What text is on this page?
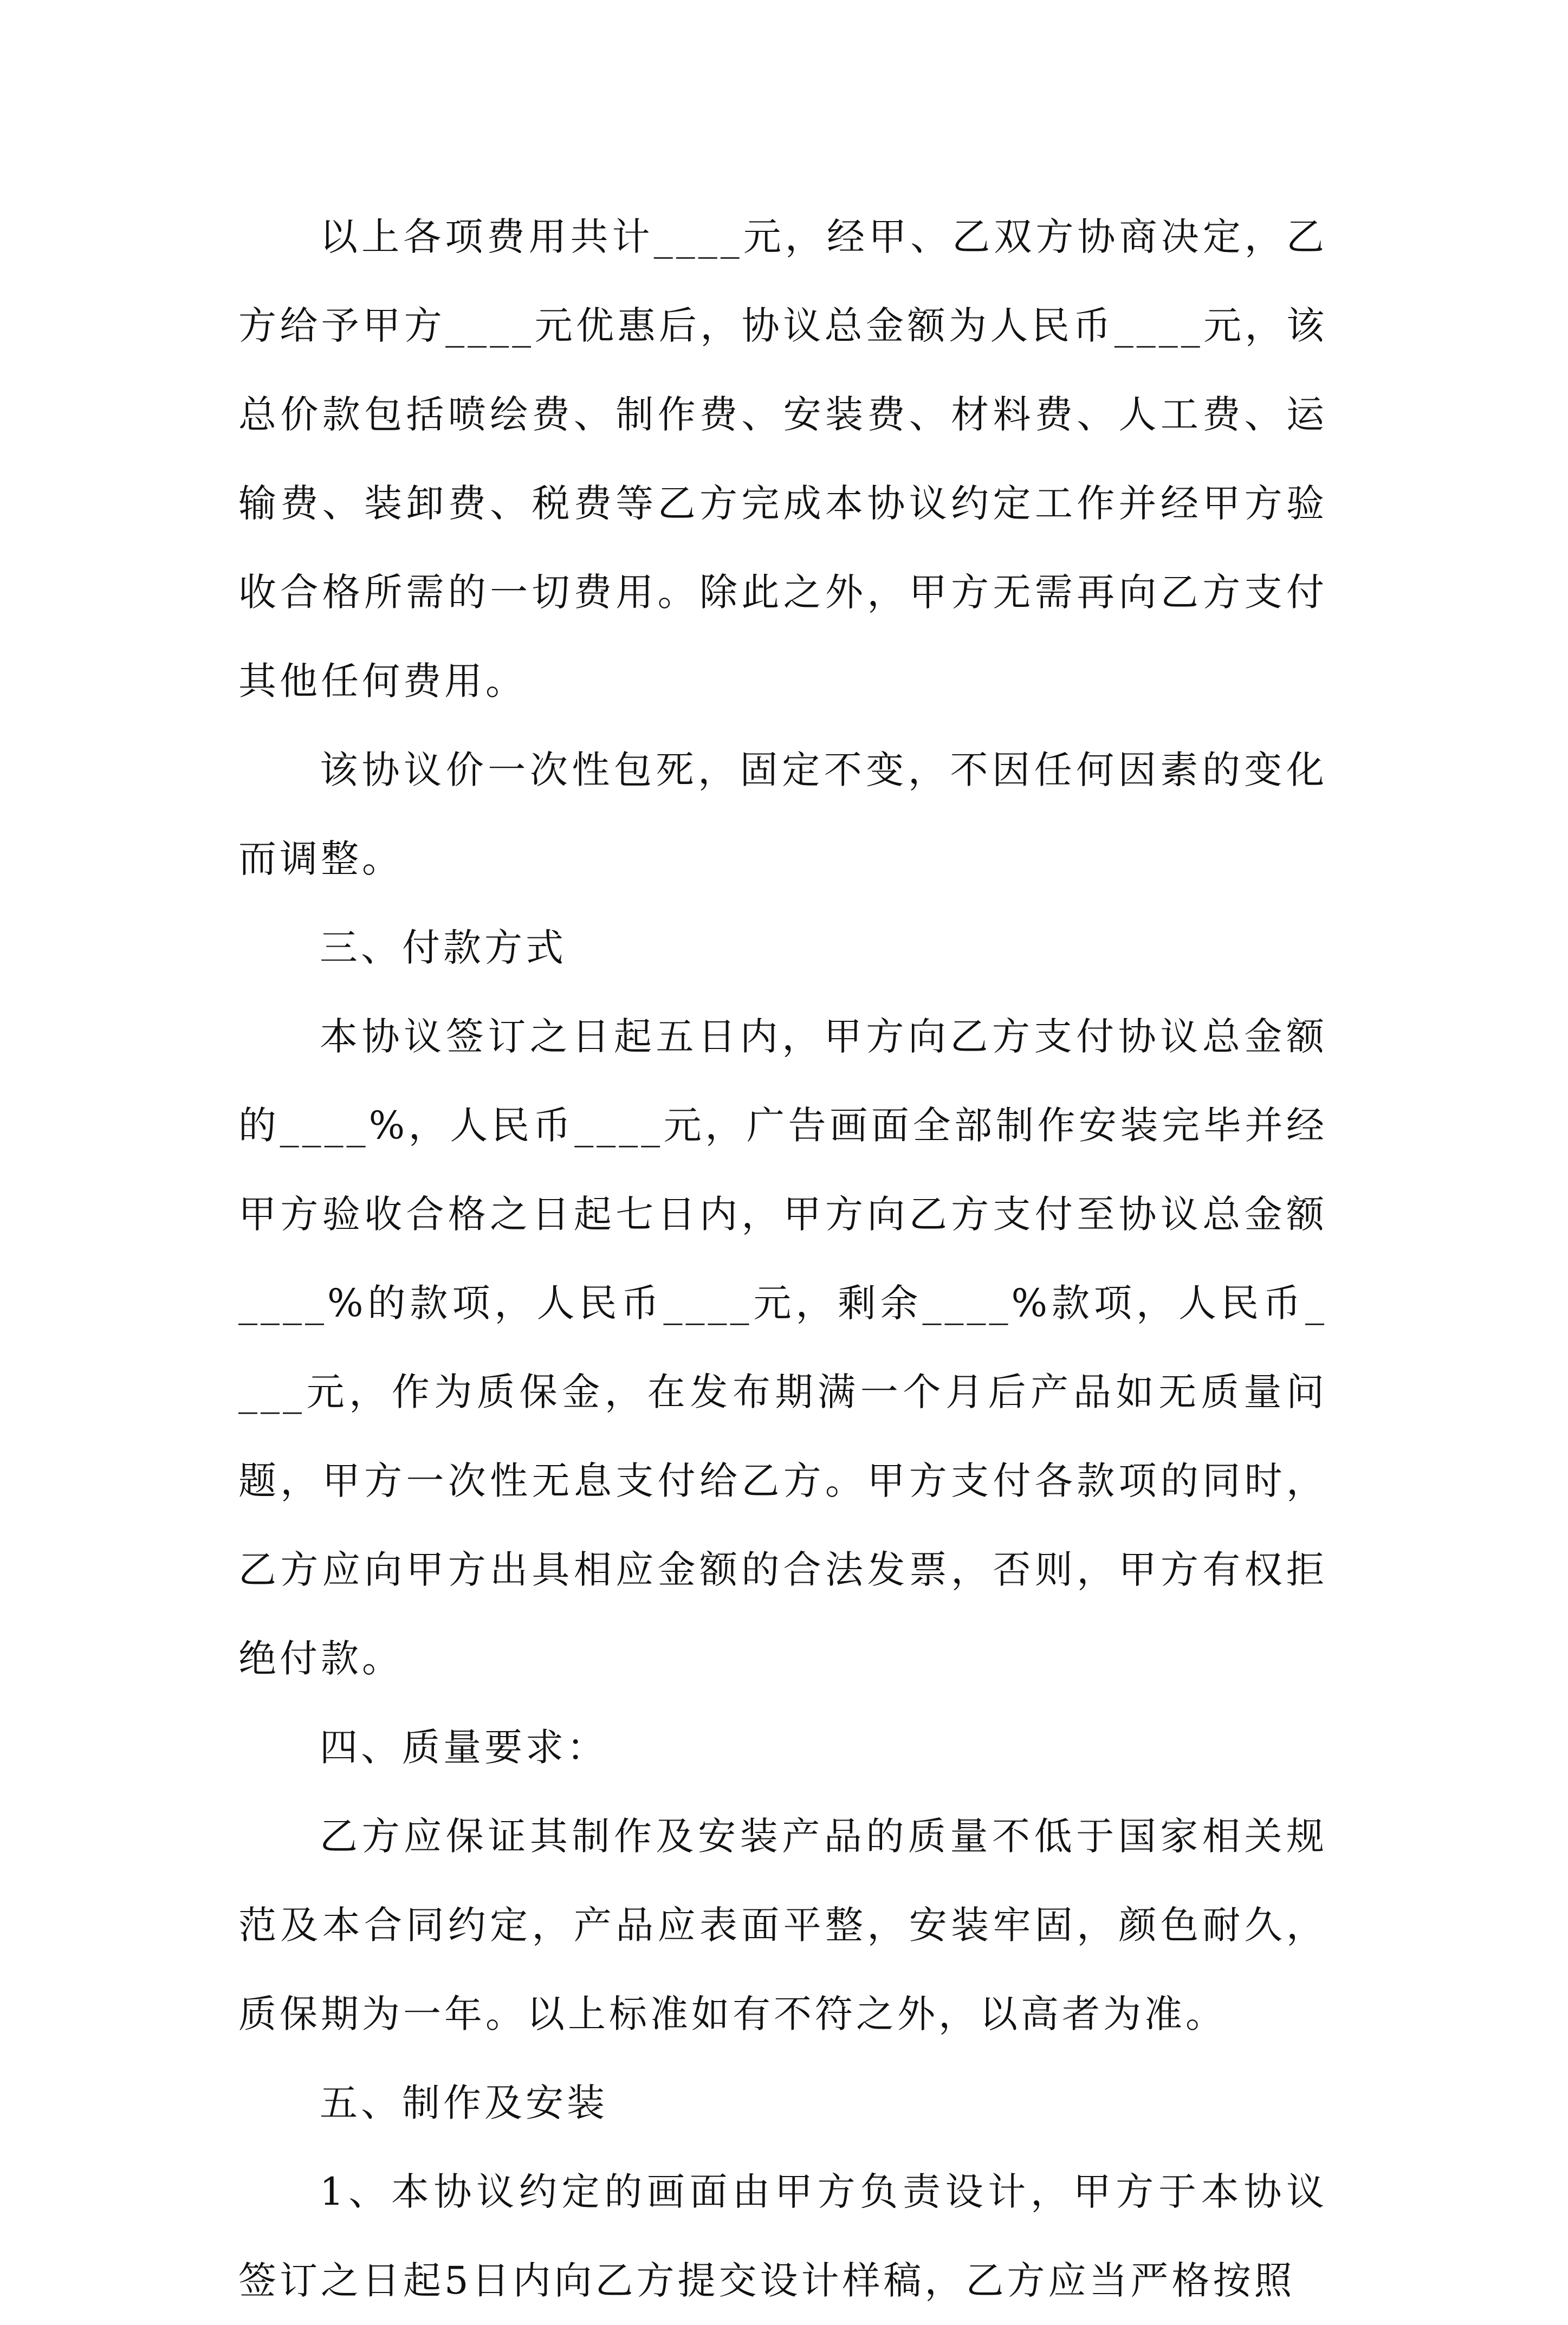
以上各项费用共计____元，经甲、乙双方协商决定，乙方给予甲方____元优惠后，协议总金额为人民币____元，该总价款包括喷绘费、制作费、安装费、材料费、人工费、运输费、装卸费、税费等乙方完成本协议约定工作并经甲方验收合格所需的一切费用。除此之外，甲方无需再向乙方支付其他任何费用。

该协议价一次性包死，固定不变，不因任何因素的变化而调整。

三、付款方式

本协议签订之日起五日内，甲方向乙方支付协议总金额的____%，人民币____元，广告画面全部制作安装完毕并经甲方验收合格之日起七日内，甲方向乙方支付至协议总金额____%的款项，人民币____元，剩余____%款项，人民币____元，作为质保金，在发布期满一个月后产品如无质量问题，甲方一次性无息支付给乙方。甲方支付各款项的同时，乙方应向甲方出具相应金额的合法发票，否则，甲方有权拒绝付款。

四、质量要求：

乙方应保证其制作及安装产品的质量不低于国家相关规范及本合同约定，产品应表面平整，安装牢固，颜色耐久，质保期为一年。以上标准如有不符之外，以高者为准。

五、制作及安装

1、本协议约定的画面由甲方负责设计，甲方于本协议签订之日起5日内向乙方提交设计样稿，乙方应当严格按照
